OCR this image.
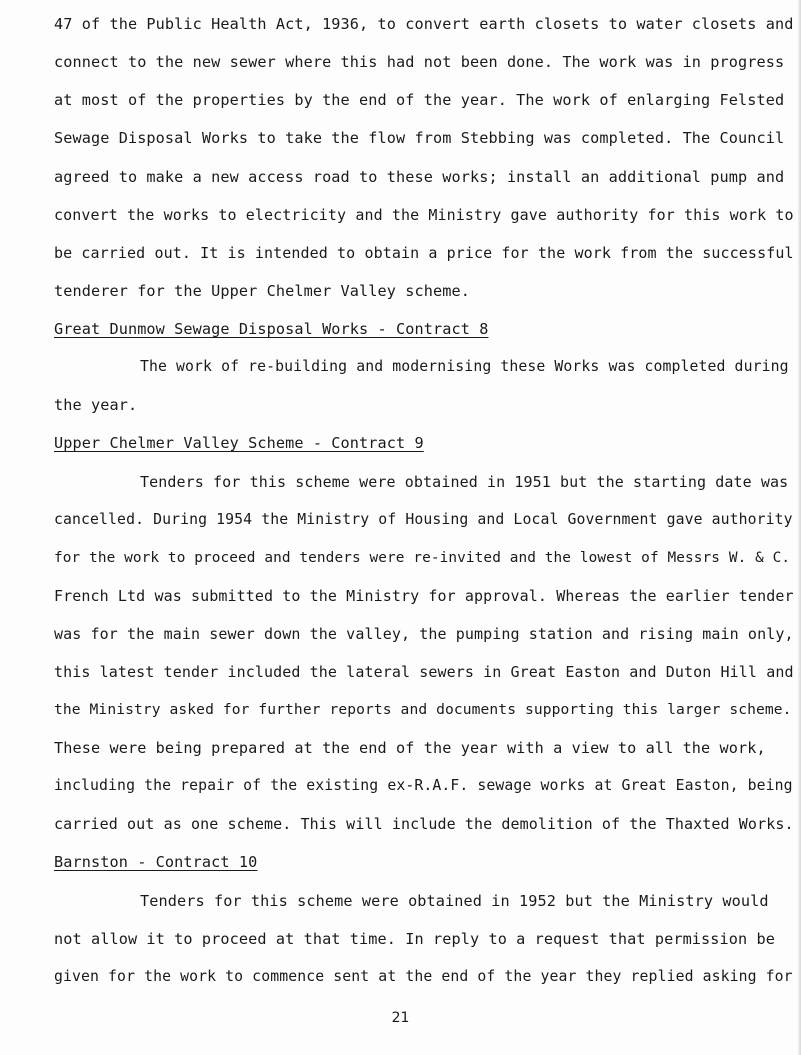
47 of the Public Health Act, 1936, to convert earth closets to water closets and
connect to the new sewer where this had not been done. The work was in progress
at most of the properties by the end of the year. The work of enlarging Felsted
Sewage Disposal Works to take the flow from Stebbing was completed. The Council
agreed to make a new access road to these works; install an additional pump and
convert the works to electricity and the Ministry gave authority for this work to
be carried out. It is intended to obtain a price for the work from the successful
tenderer for the Upper Chelmer Valley scheme.
Great Dunmow Sewage Disposal Works - Contract 8
The work of re-building and modernising these Works was completed during
the year.
Upper Chelmer Valley Scheme - Contract 9
Tenders for this scheme were obtained in 1951 but the starting date was
cancelled. During 1954 the Ministry of Housing and Local Government gave authority
for the work to proceed and tenders were re-invited and the lowest of Messrs W. & C.
French Ltd was submitted to the Ministry for approval. Whereas the earlier tender
was for the main sewer down the valley, the pumping station and rising main only,
this latest tender included the lateral sewers in Great Easton and Duton Hill and
the Ministry asked for further reports and documents supporting this larger scheme.
These were being prepared at the end of the year with a view to all the work,
including the repair of the existing ex-R.A.F. sewage works at Great Easton, being
carried out as one scheme. This will include the demolition of the Thaxted Works.
Barnston - Contract 10
Tenders for this scheme were obtained in 1952 but the Ministry would
not allow it to proceed at that time. In reply to a request that permission be
given for the work to commence sent at the end of the year they replied asking for
21
